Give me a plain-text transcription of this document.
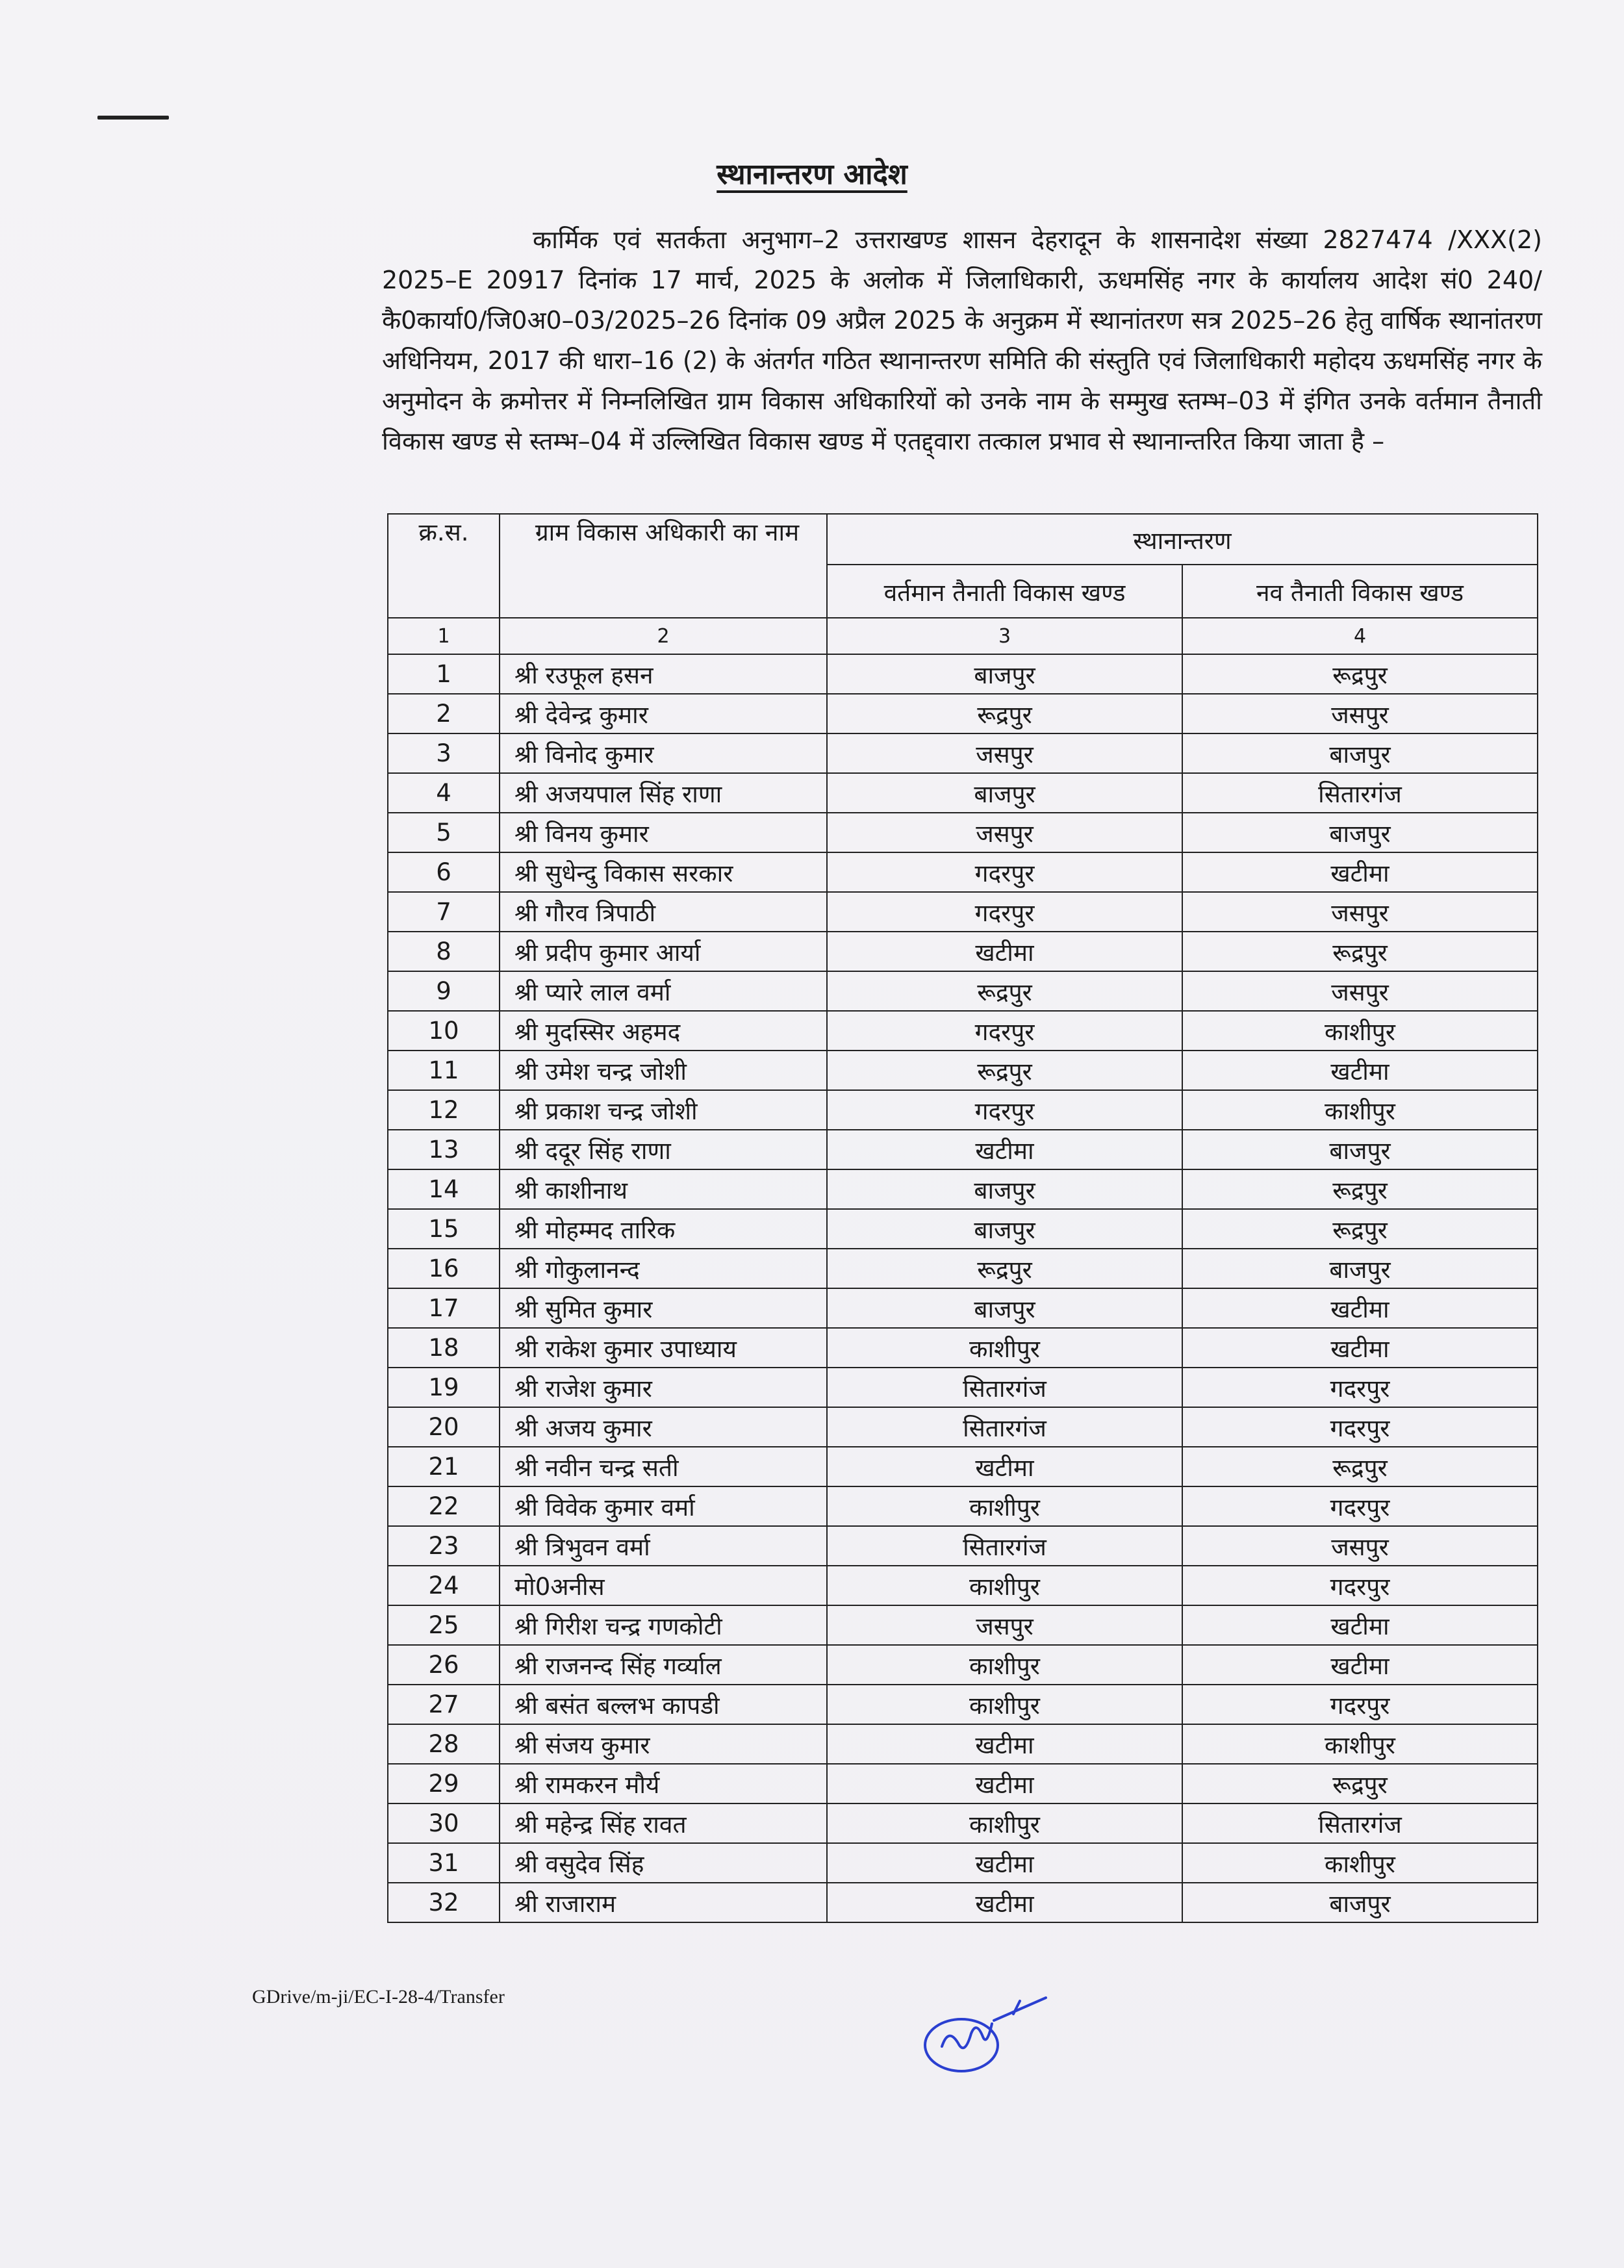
स्थानान्तरण आदेश
कार्मिक एवं सतर्कता अनुभाग–2 उत्तराखण्ड शासन देहरादून के शासनादेश संख्या 2827474 /XXX(2) 2025–E 20917 दिनांक 17 मार्च, 2025 के अलोक में जिलाधिकारी, ऊधमसिंह नगर के कार्यालय आदेश सं0 240/कै0कार्या0/जि0अ0–03/2025–26 दिनांक 09 अप्रैल 2025 के अनुक्रम में स्थानांतरण सत्र 2025–26 हेतु वार्षिक स्थानांतरण अधिनियम, 2017 की धारा–16 (2) के अंतर्गत गठित स्थानान्तरण समिति की संस्तुति एवं जिलाधिकारी महोदय ऊधमसिंह नगर के अनुमोदन के क्रमोत्तर में निम्नलिखित ग्राम विकास अधिकारियों को उनके नाम के सम्मुख स्तम्भ–03 में इंगित उनके वर्तमान तैनाती विकास खण्ड से स्तम्भ–04 में उल्लिखित विकास खण्ड में एतद्द्वारा तत्काल प्रभाव से स्थानान्तरित किया जाता है –
क्र.स.	ग्राम विकास अधिकारी का नाम	स्थानान्तरण	
		वर्तमान तैनाती विकास खण्ड	नव तैनाती विकास खण्ड
1	2	3	4
1	श्री रउफूल हसन	बाजपुर	रूद्रपुर
2	श्री देवेन्द्र कुमार	रूद्रपुर	जसपुर
3	श्री विनोद कुमार	जसपुर	बाजपुर
4	श्री अजयपाल सिंह राणा	बाजपुर	सितारगंज
5	श्री विनय कुमार	जसपुर	बाजपुर
6	श्री सुधेन्दु विकास सरकार	गदरपुर	खटीमा
7	श्री गौरव त्रिपाठी	गदरपुर	जसपुर
8	श्री प्रदीप कुमार आर्या	खटीमा	रूद्रपुर
9	श्री प्यारे लाल वर्मा	रूद्रपुर	जसपुर
10	श्री मुदस्सिर अहमद	गदरपुर	काशीपुर
11	श्री उमेश चन्द्र जोशी	रूद्रपुर	खटीमा
12	श्री प्रकाश चन्द्र जोशी	गदरपुर	काशीपुर
13	श्री ददूर सिंह राणा	खटीमा	बाजपुर
14	श्री काशीनाथ	बाजपुर	रूद्रपुर
15	श्री मोहम्मद तारिक	बाजपुर	रूद्रपुर
16	श्री गोकुलानन्द	रूद्रपुर	बाजपुर
17	श्री सुमित कुमार	बाजपुर	खटीमा
18	श्री राकेश कुमार उपाध्याय	काशीपुर	खटीमा
19	श्री राजेश कुमार	सितारगंज	गदरपुर
20	श्री अजय कुमार	सितारगंज	गदरपुर
21	श्री नवीन चन्द्र सती	खटीमा	रूद्रपुर
22	श्री विवेक कुमार वर्मा	काशीपुर	गदरपुर
23	श्री त्रिभुवन वर्मा	सितारगंज	जसपुर
24	मो0अनीस	काशीपुर	गदरपुर
25	श्री गिरीश चन्द्र गणकोटी	जसपुर	खटीमा
26	श्री राजनन्द सिंह गर्व्याल	काशीपुर	खटीमा
27	श्री बसंत बल्लभ कापडी	काशीपुर	गदरपुर
28	श्री संजय कुमार	खटीमा	काशीपुर
29	श्री रामकरन मौर्य	खटीमा	रूद्रपुर
30	श्री महेन्द्र सिंह रावत	काशीपुर	सितारगंज
31	श्री वसुदेव सिंह	खटीमा	काशीपुर
32	श्री राजाराम	खटीमा	बाजपुर
GDrive/m-ji/EC-I-28-4/Transfer
